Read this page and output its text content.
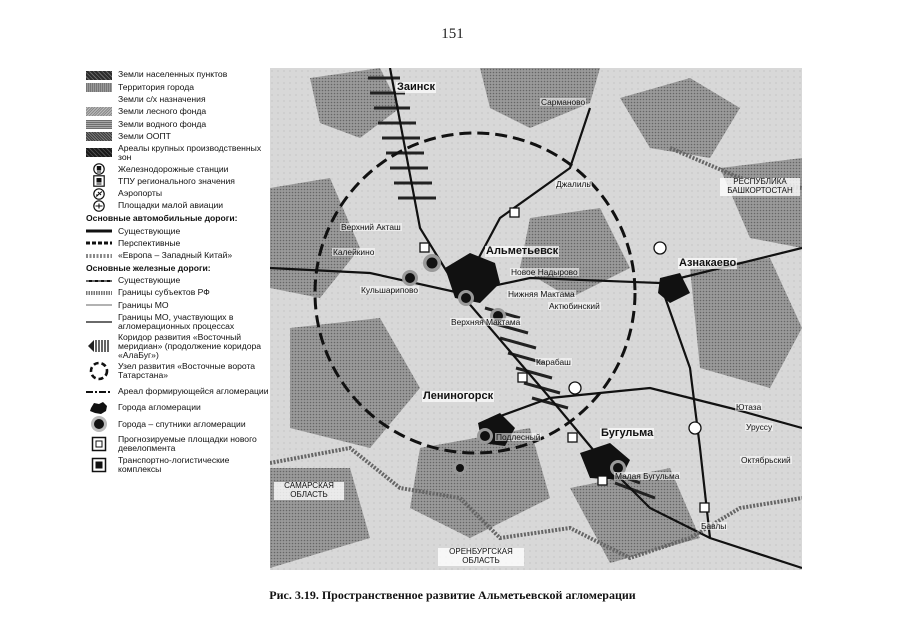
151
Земли населенных пунктов
Территория города
Земли с/х назначения
Земли лесного фонда
Земли водного фонда
Земли ООПТ
Ареалы крупных производственных зон
Железнодорожные станции
ТПУ регионального значения
Аэропорты
Площадки малой авиации
Основные автомобильные дороги:
Существующие
Перспективные
«Европа – Западный Китай»
Основные железные дороги:
Существующие
Границы субъектов РФ
Границы МО
Границы МО, участвующих в агломерационных процессах
Коридор развития «Восточный меридиан» (продолжение коридора «АлаБуг»)
Узел развития «Восточные ворота Татарстана»
Ареал формирующейся агломерации
Города агломерации
Города – спутники агломерации
Прогнозируемые площадки нового девелопмента
Транспортно-логистические комплексы
Заинск
Сарманово
РЕСПУБЛИКА БАШКОРТОСТАН
Джалиль
Верхний Акташ
Калейкино	Альметьевск
Новое Надырово
Азнакаево
Кульшарипово	Нижняя Мактама
Актюбинский
Верхняя Мактама
Карабаш
Лениногорск
Ютаза
Бугульма	Уруссу
Подлесный
Октябрьский
САМАРСКАЯ ОБЛАСТЬ
Малая Бугульма
ОРЕНБУРГСКАЯ ОБЛАСТЬ
Бавлы
Рис. 3.19. Пространственное развитие Альметьевской агломерации
